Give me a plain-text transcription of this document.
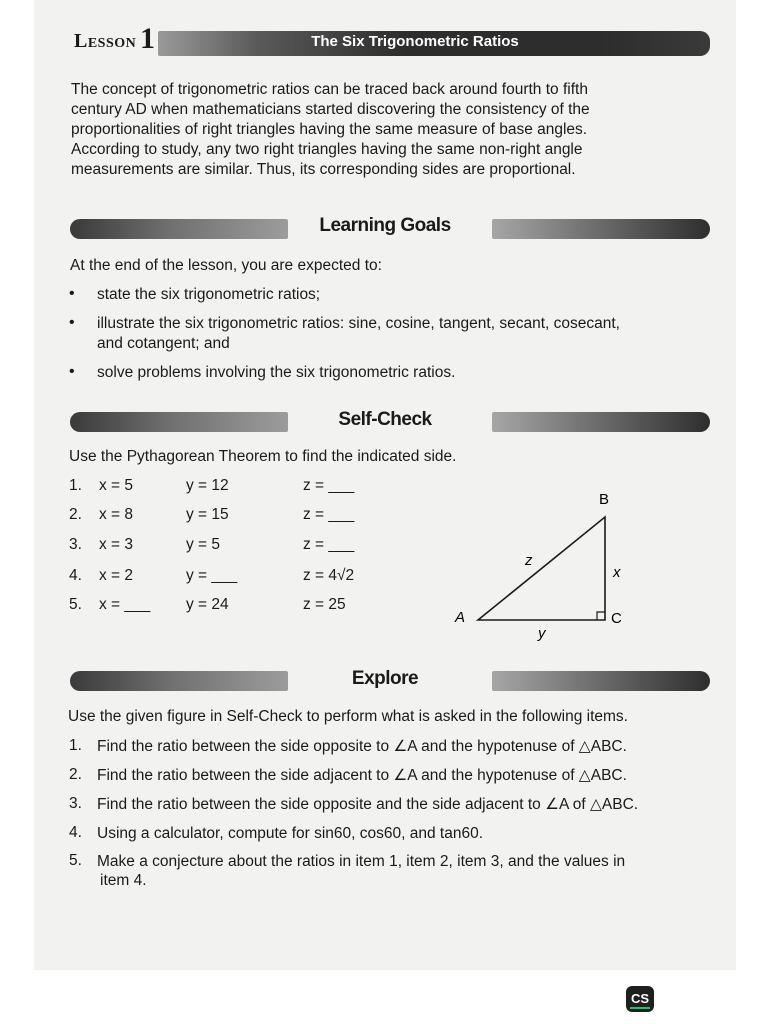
Lesson 1	The Six Trigonometric Ratios
The concept of trigonometric ratios can be traced back around fourth to fifth
century AD when mathematicians started discovering the consistency of the
proportionalities of right triangles having the same measure of base angles.
According to study, any two right triangles having the same non-right angle
measurements are similar. Thus, its corresponding sides are proportional.
Learning Goals
At the end of the lesson, you are expected to:
• state the six trigonometric ratios;
• illustrate the six trigonometric ratios: sine, cosine, tangent, secant, cosecant,
and cotangent; and
• solve problems involving the six trigonometric ratios.
Self-Check
Use the Pythagorean Theorem to find the indicated side.
1. x = 5	y = 12	z = ___
2. x = 8	y = 15	z = ___
3. x = 3	y = 5	z = ___
4. x = 2	y = ___	z = 4√2
5. x = ___ y = 24	z = 25
B
A	C
z
x
y
Explore
Use the given figure in Self-Check to perform what is asked in the following items.
1. Find the ratio between the side opposite to ∠A and the hypotenuse of △ABC.
2. Find the ratio between the side adjacent to ∠A and the hypotenuse of △ABC.
3. Find the ratio between the side opposite and the side adjacent to ∠A of △ABC.
4. Using a calculator, compute for sin60, cos60, and tan60.
5. Make a conjecture about the ratios in item 1, item 2, item 3, and the values in
item 4.
CS
